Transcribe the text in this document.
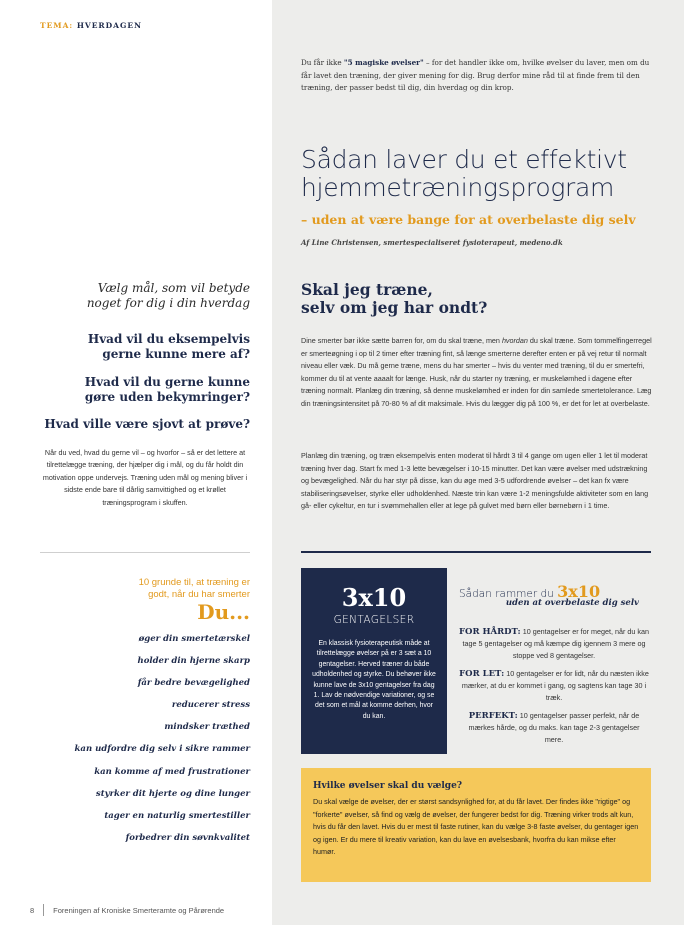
TEMA: HVERDAGEN
Du får ikke "5 magiske øvelser" – for det handler ikke om, hvilke øvelser du laver, men om du får lavet den træning, der giver mening for dig. Brug derfor mine råd til at finde frem til den træning, der passer bedst til dig, din hverdag og din krop.
Sådan laver du et effektivt
hjemmetræningsprogram
– uden at være bange for at overbelaste dig selv
Af Line Christensen, smertespecialiseret fysioterapeut, medeno.dk
Vælg mål, som vil betyde
noget for dig i din hverdag
Hvad vil du eksempelvis
gerne kunne mere af?
Hvad vil du gerne kunne
gøre uden bekymringer?
Hvad ville være sjovt at prøve?
Når du ved, hvad du gerne vil – og hvorfor – så er det lettere at tilrettelægge træning, der hjælper dig i mål, og du får holdt din motivation oppe undervejs. Træning uden mål og mening bliver i sidste ende bare til dårlig samvittighed og et krøllet træningsprogram i skuffen.
Skal jeg træne,
selv om jeg har ondt?
Dine smerter bør ikke sætte barren for, om du skal træne, men hvordan du skal træne. Som tommelfingerregel er smerteøgning i op til 2 timer efter træning fint, så længe smerterne derefter enten er på vej retur til normalt niveau eller væk. Du må gerne træne, mens du har smerter – hvis du venter med træning, til du er smertefri, kommer du til at vente aaaalt for længe. Husk, når du starter ny træning, er muskelømhed i dagene efter træning normalt. Planlæg din træning, så denne muskelømhed er inden for din samlede smertetolerance. Læg din træningsintensitet på 70-80 % af dit maksimale. Hvis du lægger dig på 100 %, er det for let at overbelaste.
Planlæg din træning, og træn eksempelvis enten moderat til hårdt 3 til 4 gange om ugen eller 1 let til moderat træning hver dag. Start fx med 1-3 lette bevægelser i 10-15 minutter. Det kan være øvelser med udstrækning og bevægelighed. Når du har styr på disse, kan du øge med 3-5 udfordrende øvelser – det kan fx være stabiliseringsøvelser, styrke eller udholdenhed. Næste trin kan være 1-2 meningsfulde aktiviteter som en lang gå- eller cykeltur, en tur i svømmehallen eller at lege på gulvet med børn eller børnebørn i 1 time.
10 grunde til, at træning er
godt, når du har smerter
Du...
øger din smertetærskel
holder din hjerne skarp
får bedre bevægelighed
reducerer stress
mindsker træthed
kan udfordre dig selv i sikre rammer
kan komme af med frustrationer
styrker dit hjerte og dine lunger
tager en naturlig smertestiller
forbedrer din søvnkvalitet
3x10
GENTAGELSER
En klassisk fysioterapeutisk måde at tilrettelægge øvelser på er 3 sæt a 10 gentagelser. Herved træner du både udholdenhed og styrke. Du behøver ikke kunne lave de 3x10 gentagelser fra dag 1. Lav de nødvendige variationer, og se det som et mål at komme derhen, hvor du kan.
Sådan rammer du 3x10
uden at overbelaste dig selv
FOR HÅRDT: 10 gentagelser er for meget, når du kan tage 5 gentagelser og må kæmpe dig igennem 3 mere og stoppe ved 8 gentagelser.
FOR LET: 10 gentagelser er for lidt, når du næsten ikke mærker, at du er kommet i gang, og sagtens kan tage 30 i træk.
PERFEKT: 10 gentagelser passer perfekt, når de mærkes hårde, og du maks. kan tage 2-3 gentagelser mere.
Hvilke øvelser skal du vælge?
Du skal vælge de øvelser, der er størst sandsynlighed for, at du får lavet. Der findes ikke "rigtige" og "forkerte" øvelser, så find og vælg de øvelser, der fungerer bedst for dig. Træning virker trods alt kun, hvis du får den lavet. Hvis du er mest til faste rutiner, kan du vælge 3-8 faste øvelser, du gentager igen og igen. Er du mere til kreativ variation, kan du lave en øvelsesbank, hvorfra du kan mikse efter humør.
8	Foreningen af Kroniske Smerteramte og Pårørende
